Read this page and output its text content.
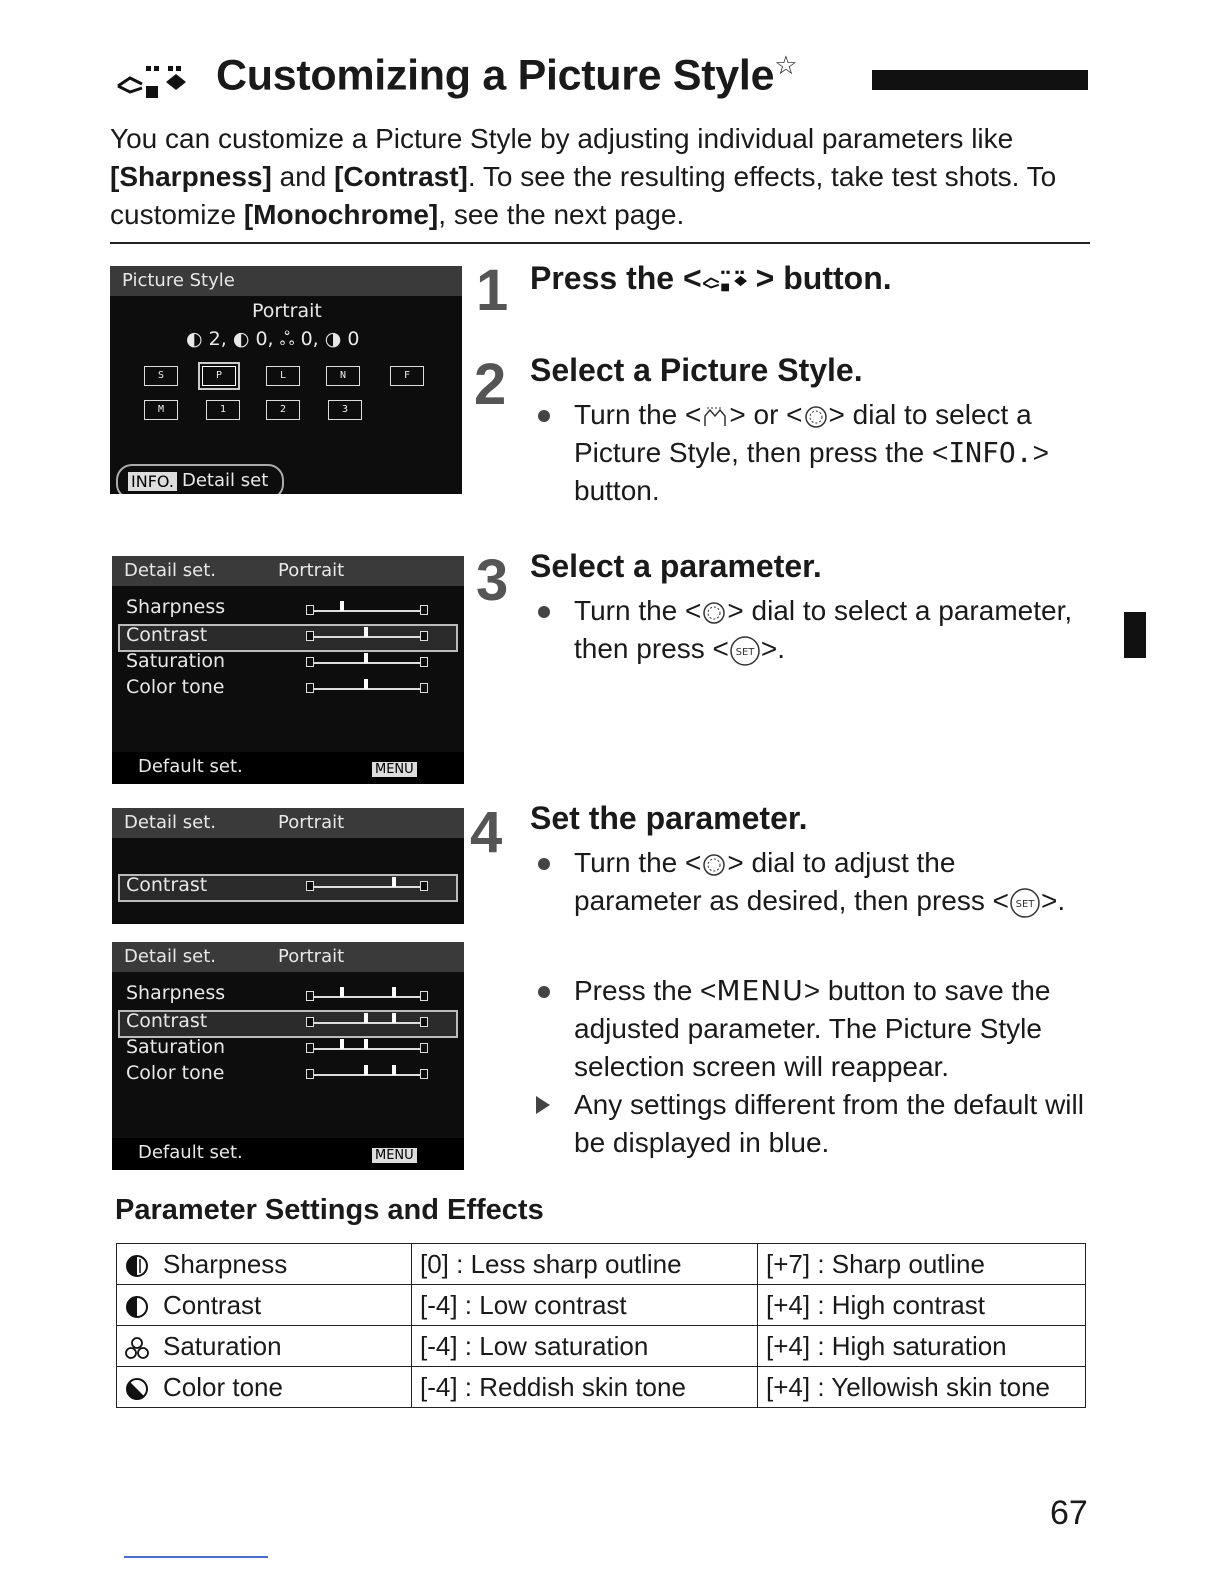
Customizing a Picture Style☆
You can customize a Picture Style by adjusting individual parameters like [Sharpness] and [Contrast]. To see the resulting effects, take test shots. To customize [Monochrome], see the next page.
Picture Style
Portrait
◐ 2, ◐ 0, ஃ 0, ◑ 0
S	P	L	N	F
M	1	2	3
INFO. Detail set
Detail set.	Portrait
Sharpness
Contrast
Saturation
Color tone
Default set.	MENU
Detail set.	Portrait
Contrast
Detail set.	Portrait
Sharpness
Contrast
Saturation
Color tone
Default set.	MENU
1 Press the < > button.
2 Select a Picture Style.
Turn the < > or < > dial to select a Picture Style, then press the <INFO.> button.
3 Select a parameter.
Turn the < > dial to select a parameter, then press < SET >.
4 Set the parameter.
Turn the < > dial to adjust the parameter as desired, then press < SET >.
Press the <MENU> button to save the adjusted parameter. The Picture Style selection screen will reappear.
Any settings different from the default will be displayed in blue.
Parameter Settings and Effects
Sharpness	[0] : Less sharp outline	[+7] : Sharp outline
Contrast	[-4] : Low contrast	[+4] : High contrast
Saturation	[-4] : Low saturation	[+4] : High saturation
Color tone	[-4] : Reddish skin tone	[+4] : Yellowish skin tone
67
